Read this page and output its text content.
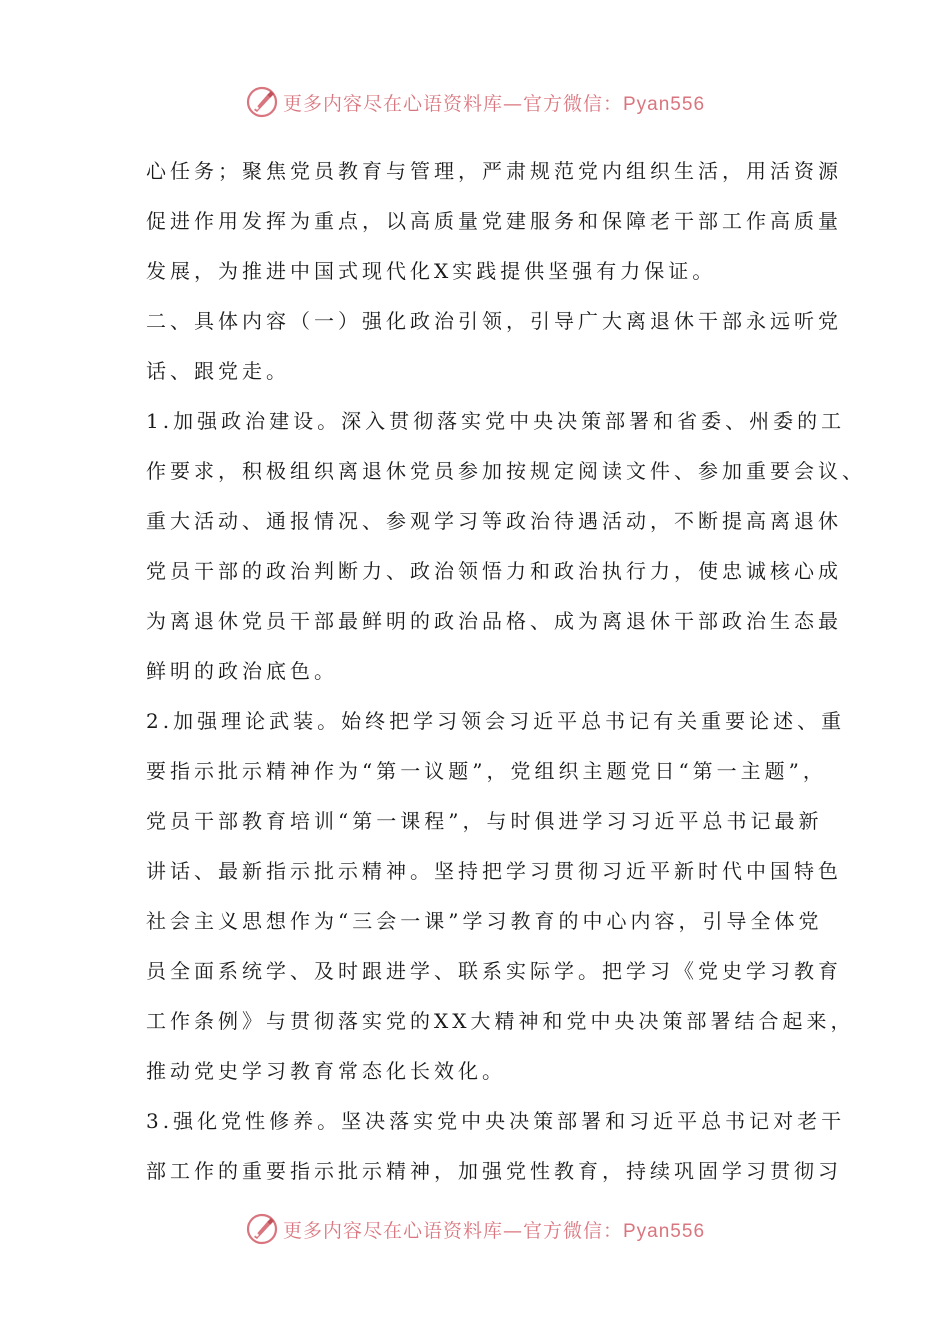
更多内容尽在心语资料库—官方微信：Pyan556
心任务；聚焦党员教育与管理，严肃规范党内组织生活，用活资源
促进作用发挥为重点，以高质量党建服务和保障老干部工作高质量
发展，为推进中国式现代化X实践提供坚强有力保证。
二、具体内容（一）强化政治引领，引导广大离退休干部永远听党
话、跟党走。
1.加强政治建设。深入贯彻落实党中央决策部署和省委、州委的工
作要求，积极组织离退休党员参加按规定阅读文件、参加重要会议、
重大活动、通报情况、参观学习等政治待遇活动，不断提高离退休
党员干部的政治判断力、政治领悟力和政治执行力，使忠诚核心成
为离退休党员干部最鲜明的政治品格、成为离退休干部政治生态最
鲜明的政治底色。
2.加强理论武装。始终把学习领会习近平总书记有关重要论述、重
要指示批示精神作为“第一议题”，党组织主题党日“第一主题”，
党员干部教育培训“第一课程”，与时俱进学习习近平总书记最新
讲话、最新指示批示精神。坚持把学习贯彻习近平新时代中国特色
社会主义思想作为“三会一课”学习教育的中心内容，引导全体党
员全面系统学、及时跟进学、联系实际学。把学习《党史学习教育
工作条例》与贯彻落实党的XX大精神和党中央决策部署结合起来，
推动党史学习教育常态化长效化。
3.强化党性修养。坚决落实党中央决策部署和习近平总书记对老干
部工作的重要指示批示精神，加强党性教育，持续巩固学习贯彻习
更多内容尽在心语资料库—官方微信：Pyan556
